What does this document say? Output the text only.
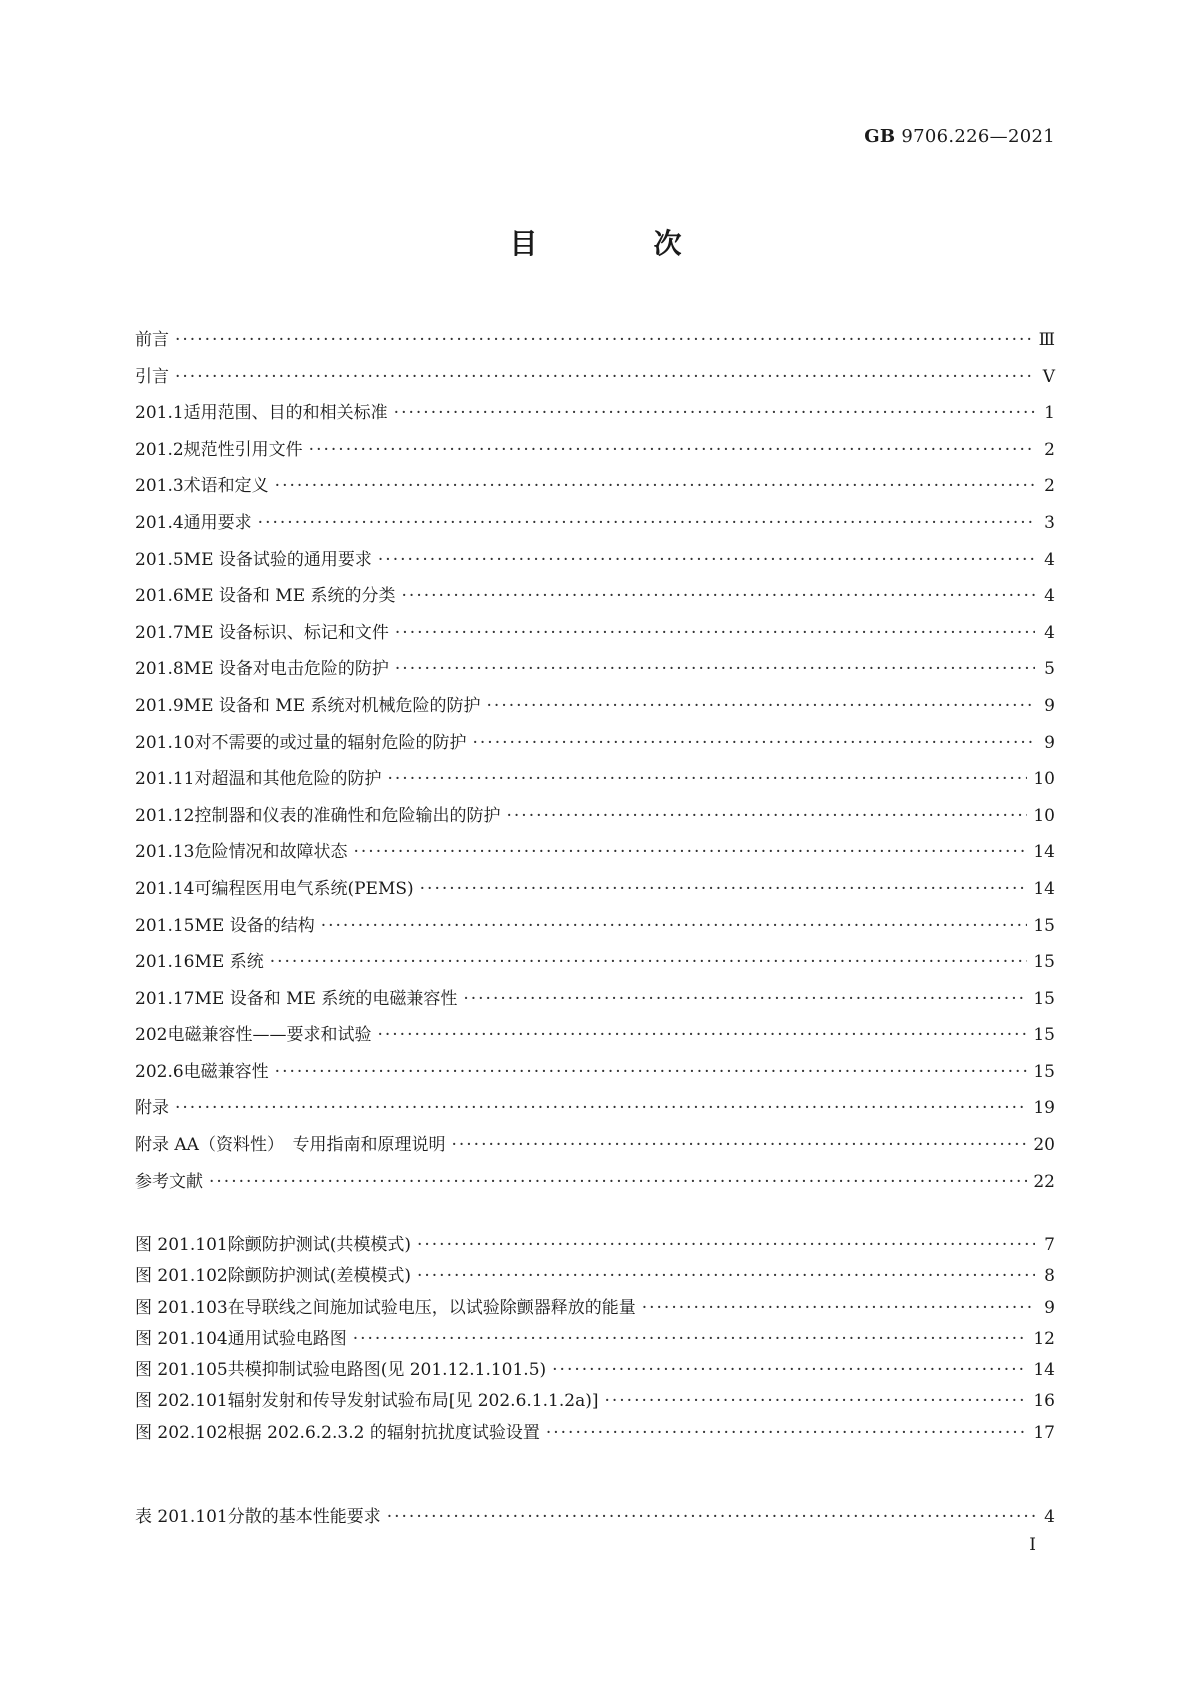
GB 9706.226—2021
目　次
前言 ·····	Ⅲ
引言 ·····	Ⅴ
201.1 适用范围、目的和相关标准 ·····	1
201.2 规范性引用文件 ·····	2
201.3 术语和定义 ·····	2
201.4 通用要求 ·····	3
201.5 ME 设备试验的通用要求 ·····	4
201.6 ME 设备和 ME 系统的分类 ·····	4
201.7 ME 设备标识、标记和文件 ·····	4
201.8 ME 设备对电击危险的防护 ·····	5
201.9 ME 设备和 ME 系统对机械危险的防护 ·····	9
201.10 对不需要的或过量的辐射危险的防护 ·····	9
201.11 对超温和其他危险的防护 ·····	10
201.12 控制器和仪表的准确性和危险输出的防护 ·····	10
201.13 危险情况和故障状态 ·····	14
201.14 可编程医用电气系统(PEMS) ·····	14
201.15 ME 设备的结构 ·····	15
201.16 ME 系统 ·····	15
201.17 ME 设备和 ME 系统的电磁兼容性 ·····	15
202 电磁兼容性——要求和试验 ·····	15
202.6 电磁兼容性 ·····	15
附录 ·····	19
附录 AA（资料性）　专用指南和原理说明 ·····	20
参考文献 ·····	22
图 201.101 除颤防护测试(共模模式) ·····	7
图 201.102 除颤防护测试(差模模式) ·····	8
图 201.103 在导联线之间施加试验电压，以试验除颤器释放的能量 ·····	9
图 201.104 通用试验电路图 ·····	12
图 201.105 共模抑制试验电路图(见 201.12.1.101.5) ·····	14
图 202.101 辐射发射和传导发射试验布局[见 202.6.1.1.2a)] ·····	16
图 202.102 根据 202.6.2.3.2 的辐射抗扰度试验设置 ·····	17
表 201.101 分散的基本性能要求 ·····	4
I
